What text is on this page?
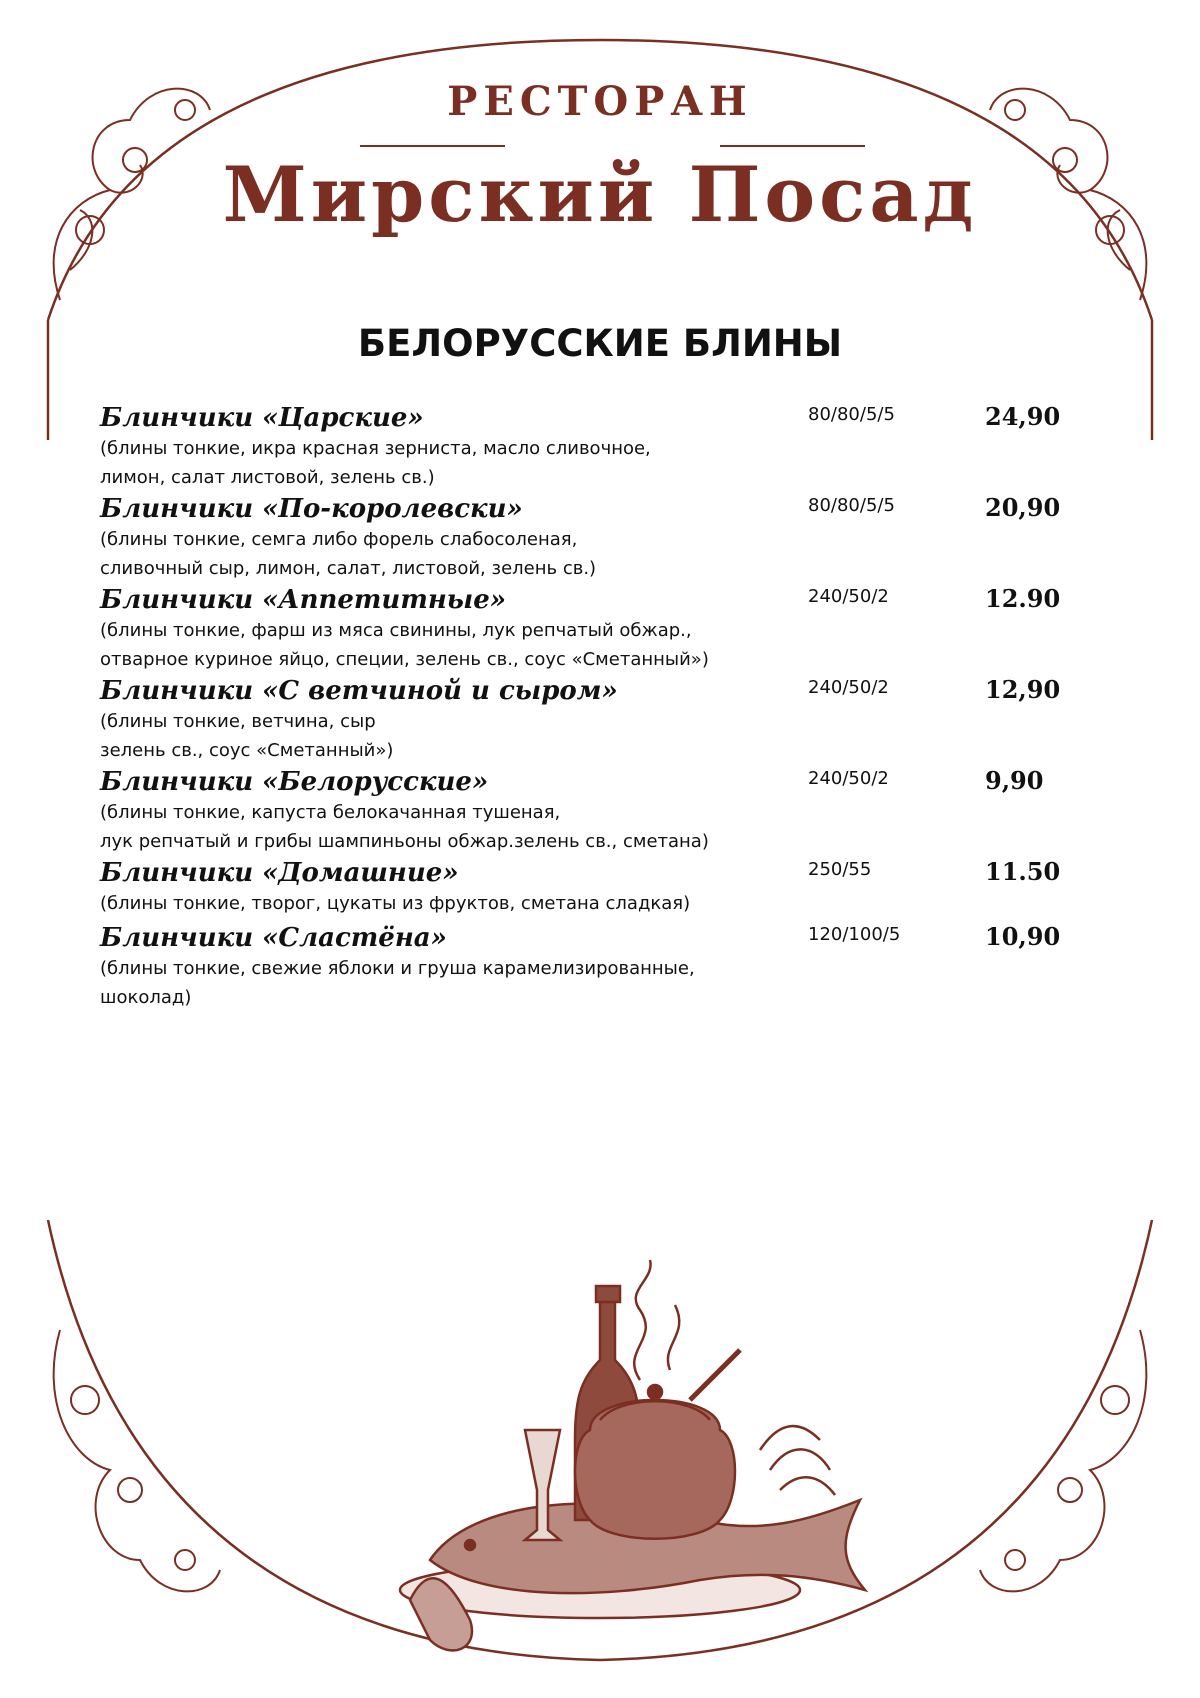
РЕСТОРАН
Мирский Посад
БЕЛОРУССКИЕ БЛИНЫ
Блинчики «Царские»
(блины тонкие, икра красная зерниста, масло сливочное,
лимон, салат листовой, зелень св.)
80/80/5/5	24,90
Блинчики «По-королевски»
(блины тонкие, семга либо форель слабосоленая,
сливочный сыр, лимон, салат, листовой, зелень св.)
80/80/5/5	20,90
Блинчики «Аппетитные»
(блины тонкие, фарш из мяса свинины, лук репчатый обжар.,
отварное куриное яйцо, специи, зелень св., соус «Сметанный»)
240/50/2	12.90
Блинчики «С ветчиной и сыром»
(блины тонкие, ветчина, сыр
зелень св., соус «Сметанный»)
240/50/2	12,90
Блинчики «Белорусские»
(блины тонкие, капуста белокачанная тушеная,
лук репчатый и грибы шампиньоны обжар.зелень св., сметана)
240/50/2	9,90
Блинчики «Домашние»
(блины тонкие, творог, цукаты из фруктов, сметана сладкая)
250/55	11.50
Блинчики «Сластёна»
(блины тонкие, свежие яблоки и груша карамелизированные,
шоколад)
120/100/5	10,90
